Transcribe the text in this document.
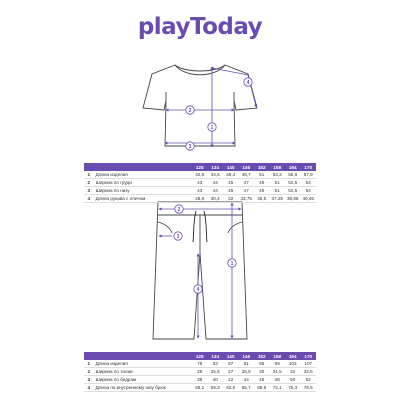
playToday
1
2
3
4
1
2
3
4
		128	134	140	146	152	158	164	170
1	Длина изделия	42,6	44,5	46,4	48,7	51	53,3	55,6	57,9
2	Ширина по груди	43	44	45	47	49	51	52,5	54
3	Ширина по низу	43	44	45	47	49	51	52,5	54
4	Длина рукава с плечом	28,8	30,4	32	33,75	35,5	37,25	38,85	40,45
		128	134	140	146	152	158	164	170
1	Длина изделия	79	83	87	91	95	99	103	107
2	Ширина по талии	25	25,5	27	28,5	30	31,5	32	32,5
3	Ширина по бедрам	39	40	42	44	46	48	50	52
4	Длина по внутреннему шву брюк	56,1	59,3	62,5	65,7	68,9	72,1	75,3	78,5
